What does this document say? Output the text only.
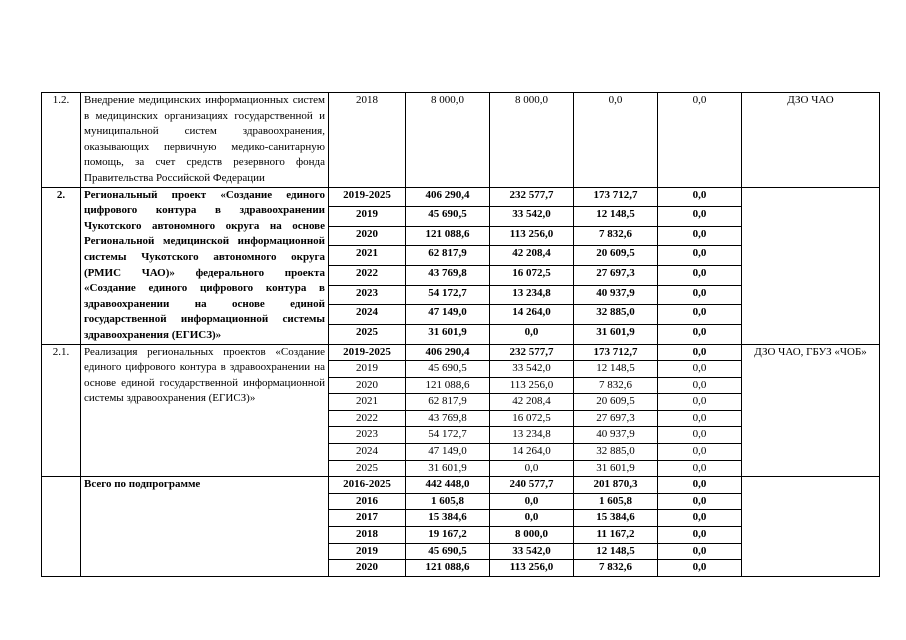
1.2.	Внедрение медицинских информационных систем в медицинских организациях государственной и муниципальной систем здравоохранения, оказывающих первичную медико-санитарную помощь, за счет средств резервного фонда Правительства Российской Федерации	2018	8 000,0	8 000,0	0,0	0,0	ДЗО ЧАО
2.	Региональный проект «Создание единого цифрового контура в здравоохранении Чукотского автономного округа на основе Региональной медицинской информационной системы Чукотского автономного округа (РМИС ЧАО)» федерального проекта «Создание единого цифрового контура в здравоохранении на основе единой государственной информационной системы здравоохранения (ЕГИСЗ)»	2019-2025	406 290,4	232 577,7	173 712,7	0,0	
		2019	45 690,5	33 542,0	12 148,5	0,0	
		2020	121 088,6	113 256,0	7 832,6	0,0	
		2021	62 817,9	42 208,4	20 609,5	0,0	
		2022	43 769,8	16 072,5	27 697,3	0,0	
		2023	54 172,7	13 234,8	40 937,9	0,0	
		2024	47 149,0	14 264,0	32 885,0	0,0	
		2025	31 601,9	0,0	31 601,9	0,0	
2.1.	Реализация региональных проектов «Создание единого цифрового контура в здравоохранении на основе единой государственной информационной системы здравоохранения (ЕГИСЗ)»	2019-2025	406 290,4	232 577,7	173 712,7	0,0	ДЗО ЧАО, ГБУЗ «ЧОБ»
		2019	45 690,5	33 542,0	12 148,5	0,0	
		2020	121 088,6	113 256,0	7 832,6	0,0	
		2021	62 817,9	42 208,4	20 609,5	0,0	
		2022	43 769,8	16 072,5	27 697,3	0,0	
		2023	54 172,7	13 234,8	40 937,9	0,0	
		2024	47 149,0	14 264,0	32 885,0	0,0	
		2025	31 601,9	0,0	31 601,9	0,0	
	Всего по подпрограмме	2016-2025	442 448,0	240 577,7	201 870,3	0,0	
		2016	1 605,8	0,0	1 605,8	0,0	
		2017	15 384,6	0,0	15 384,6	0,0	
		2018	19 167,2	8 000,0	11 167,2	0,0	
		2019	45 690,5	33 542,0	12 148,5	0,0	
		2020	121 088,6	113 256,0	7 832,6	0,0	
